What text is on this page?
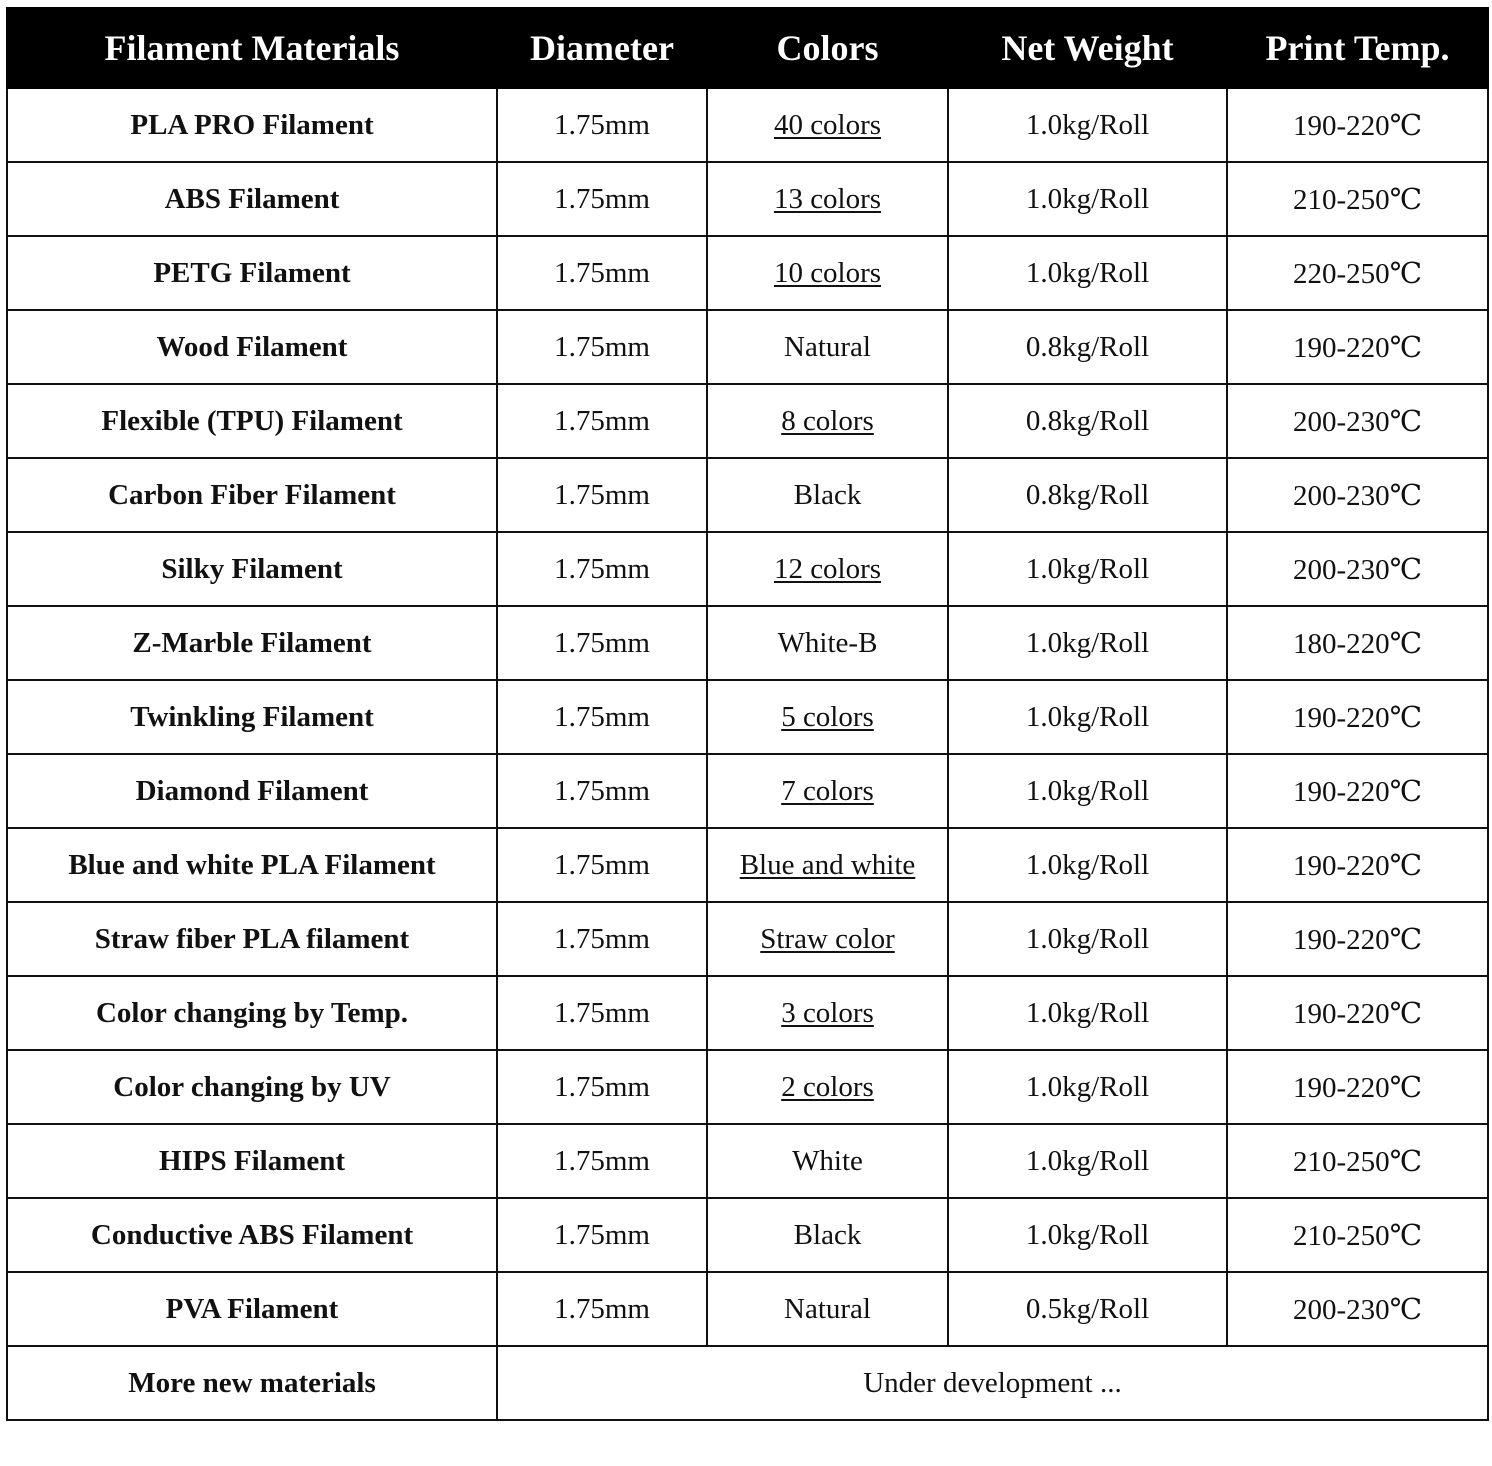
Filament Materials	Diameter	Colors	Net Weight	Print Temp.
PLA PRO Filament	1.75mm	40 colors	1.0kg/Roll	190-220℃
ABS Filament	1.75mm	13 colors	1.0kg/Roll	210-250℃
PETG Filament	1.75mm	10 colors	1.0kg/Roll	220-250℃
Wood Filament	1.75mm	Natural	0.8kg/Roll	190-220℃
Flexible (TPU) Filament	1.75mm	8 colors	0.8kg/Roll	200-230℃
Carbon Fiber Filament	1.75mm	Black	0.8kg/Roll	200-230℃
Silky Filament	1.75mm	12 colors	1.0kg/Roll	200-230℃
Z-Marble Filament	1.75mm	White-B	1.0kg/Roll	180-220℃
Twinkling Filament	1.75mm	5 colors	1.0kg/Roll	190-220℃
Diamond Filament	1.75mm	7 colors	1.0kg/Roll	190-220℃
Blue and white PLA Filament	1.75mm	Blue and white	1.0kg/Roll	190-220℃
Straw fiber PLA filament	1.75mm	Straw color	1.0kg/Roll	190-220℃
Color changing by Temp.	1.75mm	3 colors	1.0kg/Roll	190-220℃
Color changing by UV	1.75mm	2 colors	1.0kg/Roll	190-220℃
HIPS Filament	1.75mm	White	1.0kg/Roll	210-250℃
Conductive ABS Filament	1.75mm	Black	1.0kg/Roll	210-250℃
PVA Filament	1.75mm	Natural	0.5kg/Roll	200-230℃
More new materials	Under development ...			
